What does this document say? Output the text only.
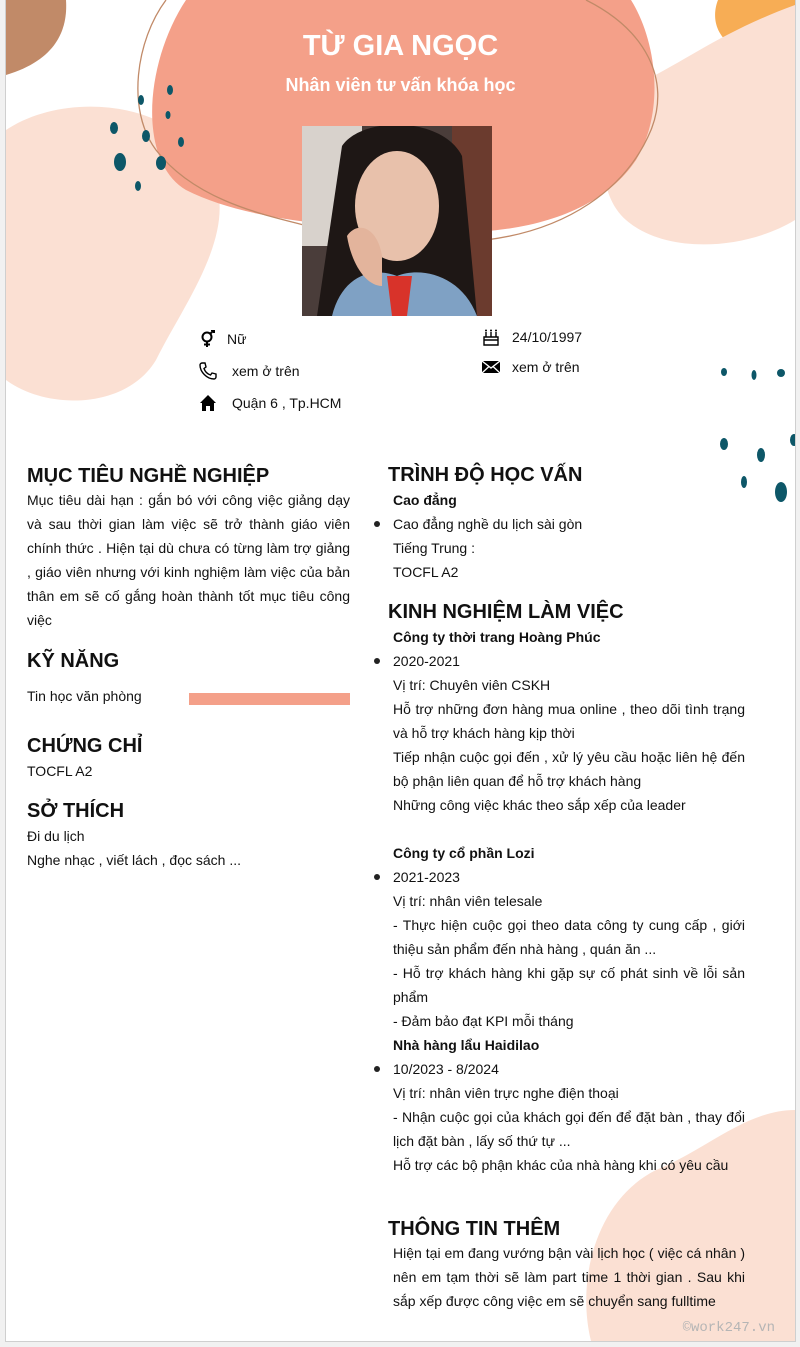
TỪ GIA NGỌC
Nhân viên tư vấn khóa học
Nữ
xem ở trên
Quận 6 , Tp.HCM
24/10/1997
xem ở trên
MỤC TIÊU NGHỀ NGHIỆP
Mục tiêu dài hạn : gắn bó với công việc giảng dạy và sau thời gian làm việc sẽ trở thành giáo viên chính thức . Hiện tại dù chưa có từng làm trợ giảng , giáo viên nhưng với kinh nghiệm làm việc của bản thân em sẽ cố gắng hoàn thành tốt mục tiêu công việc
KỸ NĂNG
Tin học văn phòng
CHỨNG CHỈ
TOCFL A2
SỞ THÍCH
Đi du lịch
Nghe nhạc , viết lách , đọc sách ...
TRÌNH ĐỘ HỌC VẤN
Cao đẳng
Cao đẳng nghề du lịch sài gòn
Tiếng Trung :
TOCFL A2
KINH NGHIỆM LÀM VIỆC
Công ty thời trang Hoàng Phúc
2020-2021
Vị trí: Chuyên viên CSKH
Hỗ trợ những đơn hàng mua online , theo dõi tình trạng và hỗ trợ khách hàng kịp thời
Tiếp nhận cuộc gọi đến , xử lý yêu cầu hoặc liên hệ đến bộ phận liên quan để hỗ trợ khách hàng
Những công việc khác theo sắp xếp của leader
Công ty cổ phần Lozi
2021-2023
Vị trí: nhân viên telesale
- Thực hiện cuộc gọi theo data công ty cung cấp , giới thiệu sản phẩm đến nhà hàng , quán ăn ...
- Hỗ trợ khách hàng khi gặp sự cố phát sinh về lỗi sản phẩm
- Đảm bảo đạt KPI mỗi tháng
Nhà hàng lẩu Haidilao
10/2023 - 8/2024
Vị trí: nhân viên trực nghe điện thoại
- Nhận cuộc gọi của khách gọi đến để đặt bàn , thay đổi lịch đặt bàn , lấy số thứ tự ...
Hỗ trợ các bộ phận khác của nhà hàng khi có yêu cầu
THÔNG TIN THÊM
Hiện tại em đang vướng bận vài lịch học ( việc cá nhân ) nên em tạm thời sẽ làm part time 1 thời gian . Sau khi sắp xếp được công việc em sẽ chuyển sang fulltime
©work247.vn
